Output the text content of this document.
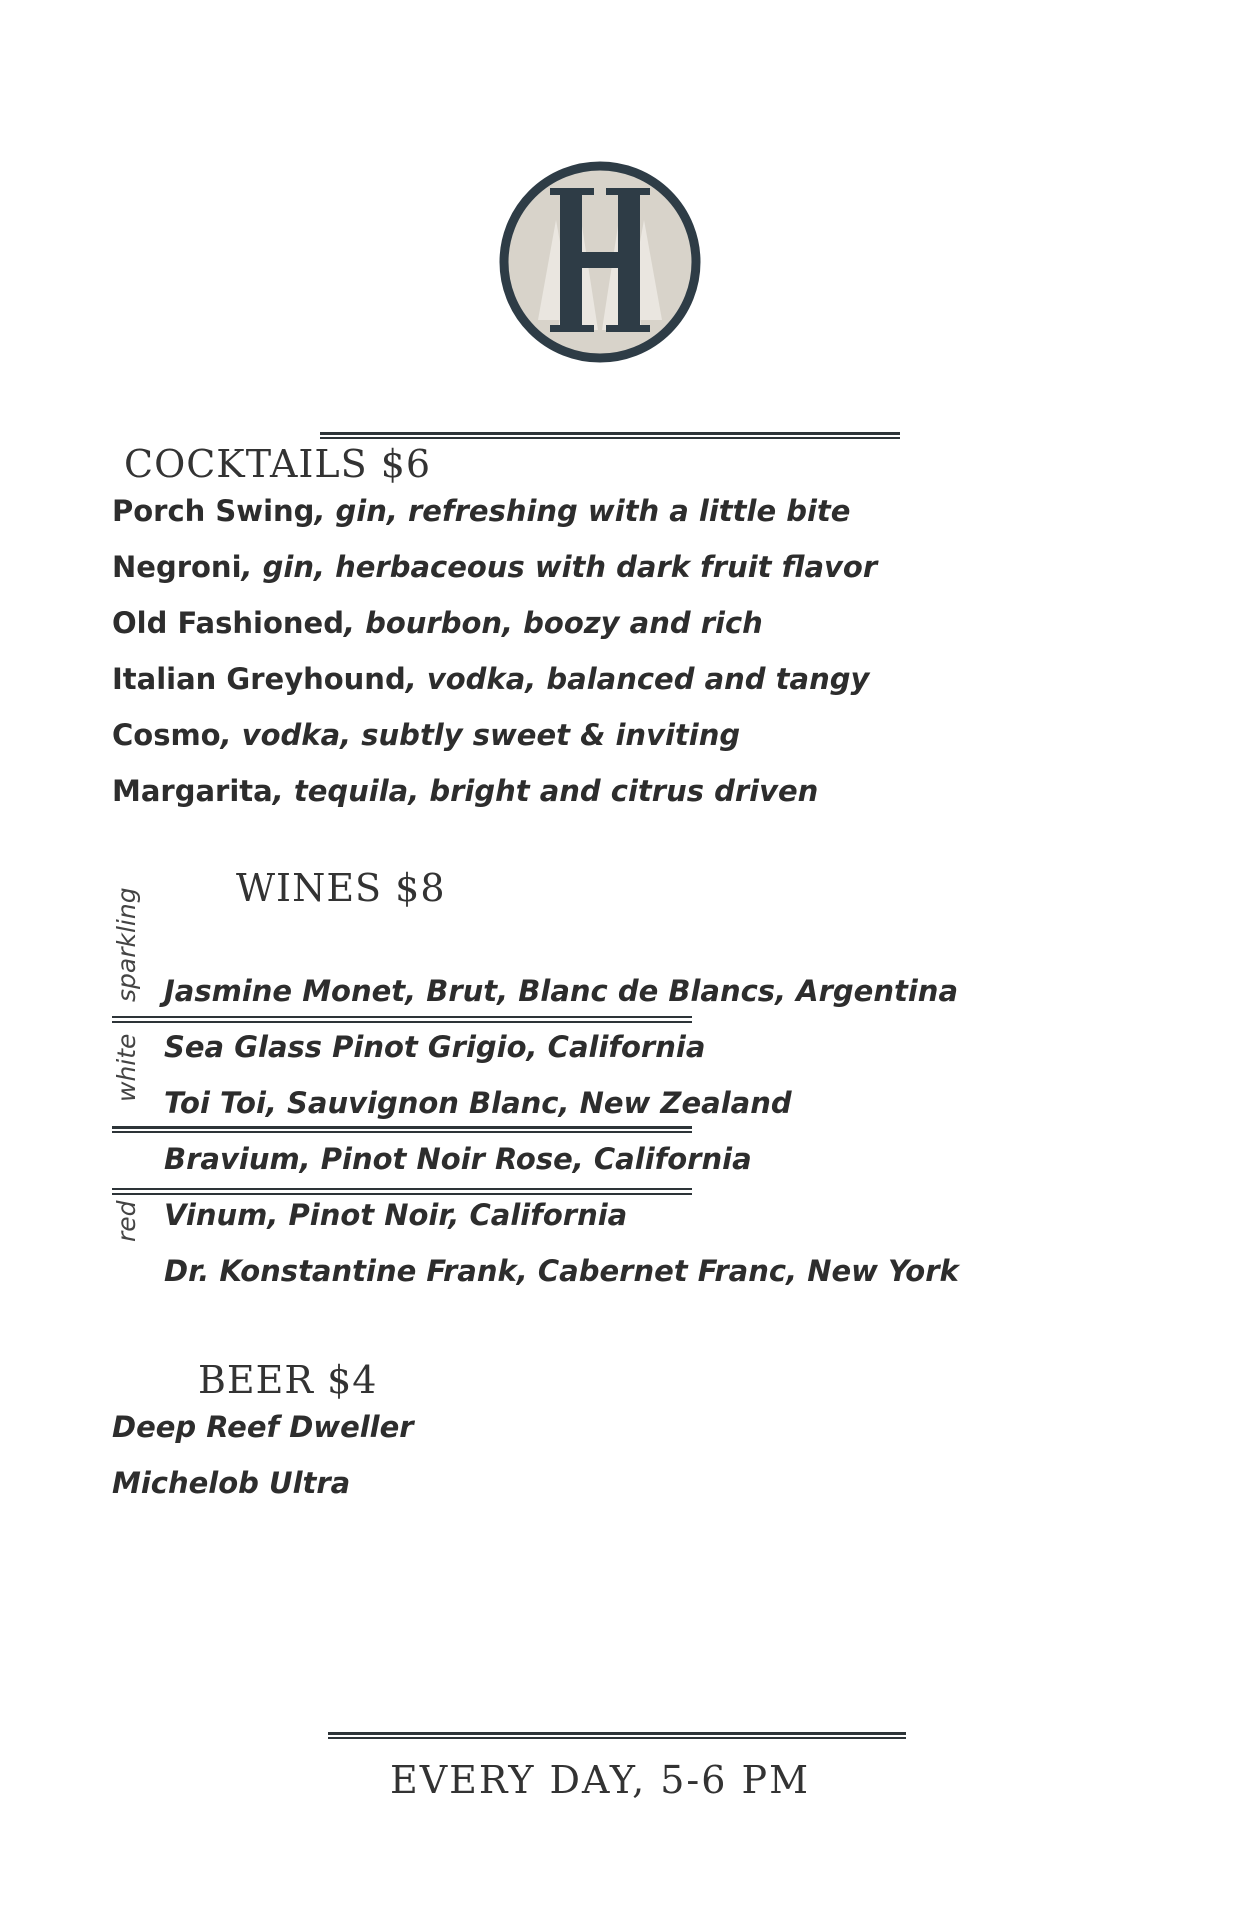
COCKTAILS $6
Porch Swing, gin, refreshing with a little bite
Negroni, gin, herbaceous with dark fruit flavor
Old Fashioned, bourbon, boozy and rich
Italian Greyhound, vodka, balanced and tangy
Cosmo, vodka, subtly sweet & inviting
Margarita, tequila, bright and citrus driven
WINES $8
sparkling
white
red
Jasmine Monet, Brut, Blanc de Blancs, Argentina
Sea Glass Pinot Grigio, California
Toi Toi, Sauvignon Blanc, New Zealand
Bravium, Pinot Noir Rose, California
Vinum, Pinot Noir, California
Dr. Konstantine Frank, Cabernet Franc, New York
BEER $4
Deep Reef Dweller
Michelob Ultra
EVERY DAY, 5-6 PM
